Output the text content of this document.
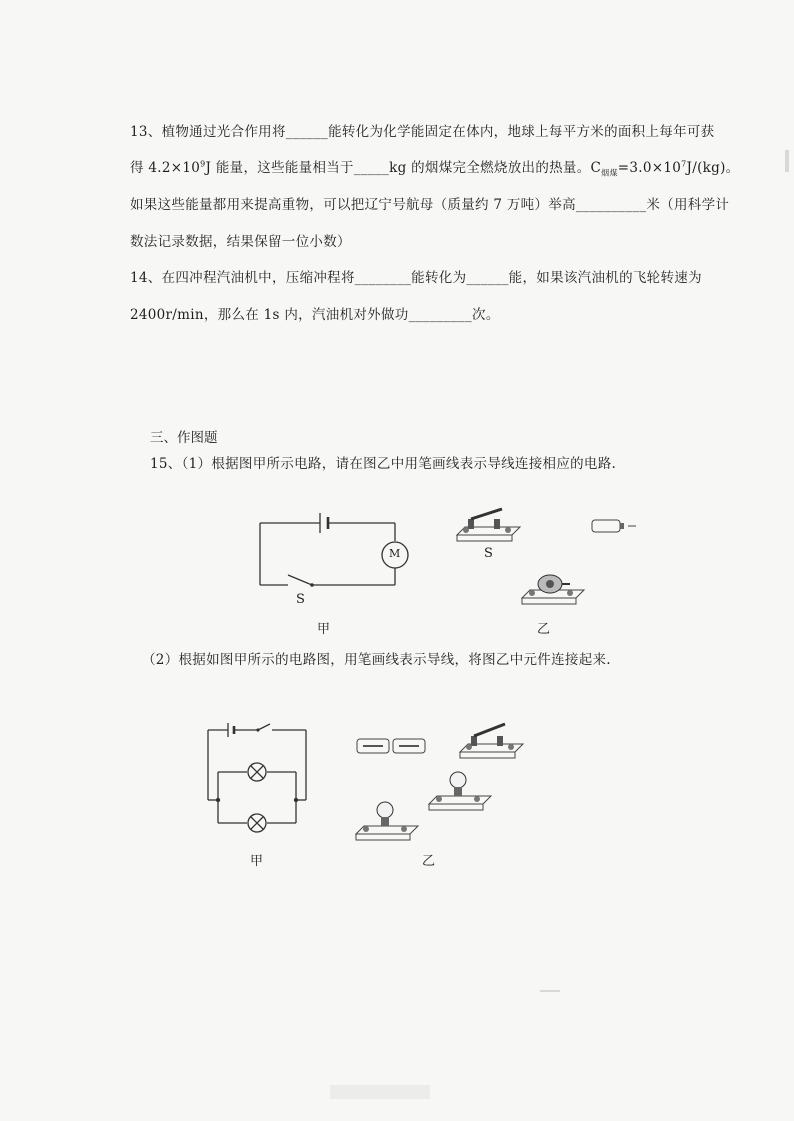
13、植物通过光合作用将______能转化为化学能固定在体内，地球上每平方米的面积上每年可获
得 $4.2\times 10^9J$ 能量，这些能量相当于_____kg 的烟煤完全燃烧放出的热量。$C_{烟煤}=3.0\times 10^7J/(kg)$。
如果这些能量都用来提高重物，可以把辽宁号航母（质量约 7 万吨）举高__________米（用科学计
数法记录数据，结果保留一位小数）
14、在四冲程汽油机中，压缩冲程将________能转化为______能，如果该汽油机的飞轮转速为
2400r/min，那么在 1s 内，汽油机对外做功_________次。
三、作图题
15、（1）根据图甲所示电路，请在图乙中用笔画线表示导线连接相应的电路.
M
S
甲
S
乙
（2）根据如图甲所示的电路图，用笔画线表示导线，将图乙中元件连接起来.
甲	乙
